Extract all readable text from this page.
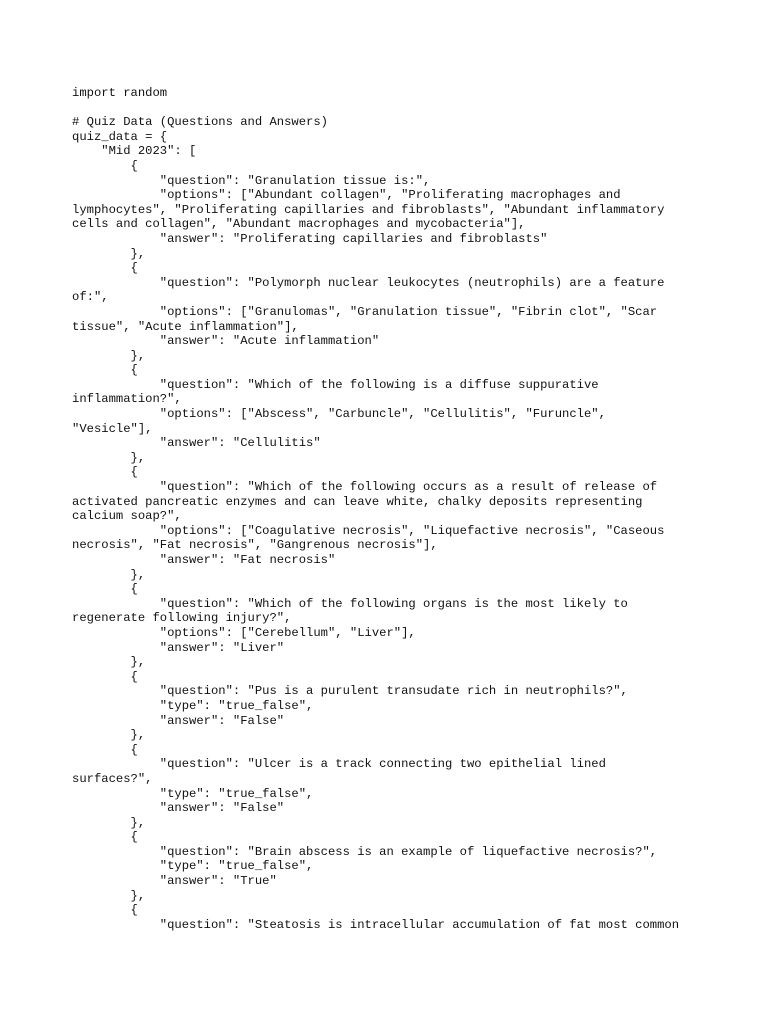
import random
# Quiz Data (Questions and Answers)
quiz_data = {
"Mid 2023": [
{
"question": "Granulation tissue is:",
"options": ["Abundant collagen", "Proliferating macrophages and
lymphocytes", "Proliferating capillaries and fibroblasts", "Abundant inflammatory
cells and collagen", "Abundant macrophages and mycobacteria"],
"answer": "Proliferating capillaries and fibroblasts"
},
{
"question": "Polymorph nuclear leukocytes (neutrophils) are a feature
of:",
"options": ["Granulomas", "Granulation tissue", "Fibrin clot", "Scar
tissue", "Acute inflammation"],
"answer": "Acute inflammation"
},
{
"question": "Which of the following is a diffuse suppurative
inflammation?",
"options": ["Abscess", "Carbuncle", "Cellulitis", "Furuncle",
"Vesicle"],
"answer": "Cellulitis"
},
{
"question": "Which of the following occurs as a result of release of
activated pancreatic enzymes and can leave white, chalky deposits representing
calcium soap?",
"options": ["Coagulative necrosis", "Liquefactive necrosis", "Caseous
necrosis", "Fat necrosis", "Gangrenous necrosis"],
"answer": "Fat necrosis"
},
{
"question": "Which of the following organs is the most likely to
regenerate following injury?",
"options": ["Cerebellum", "Liver"],
"answer": "Liver"
},
{
"question": "Pus is a purulent transudate rich in neutrophils?",
"type": "true_false",
"answer": "False"
},
{
"question": "Ulcer is a track connecting two epithelial lined
surfaces?",
"type": "true_false",
"answer": "False"
},
{
"question": "Brain abscess is an example of liquefactive necrosis?",
"type": "true_false",
"answer": "True"
},
{
"question": "Steatosis is intracellular accumulation of fat most common
